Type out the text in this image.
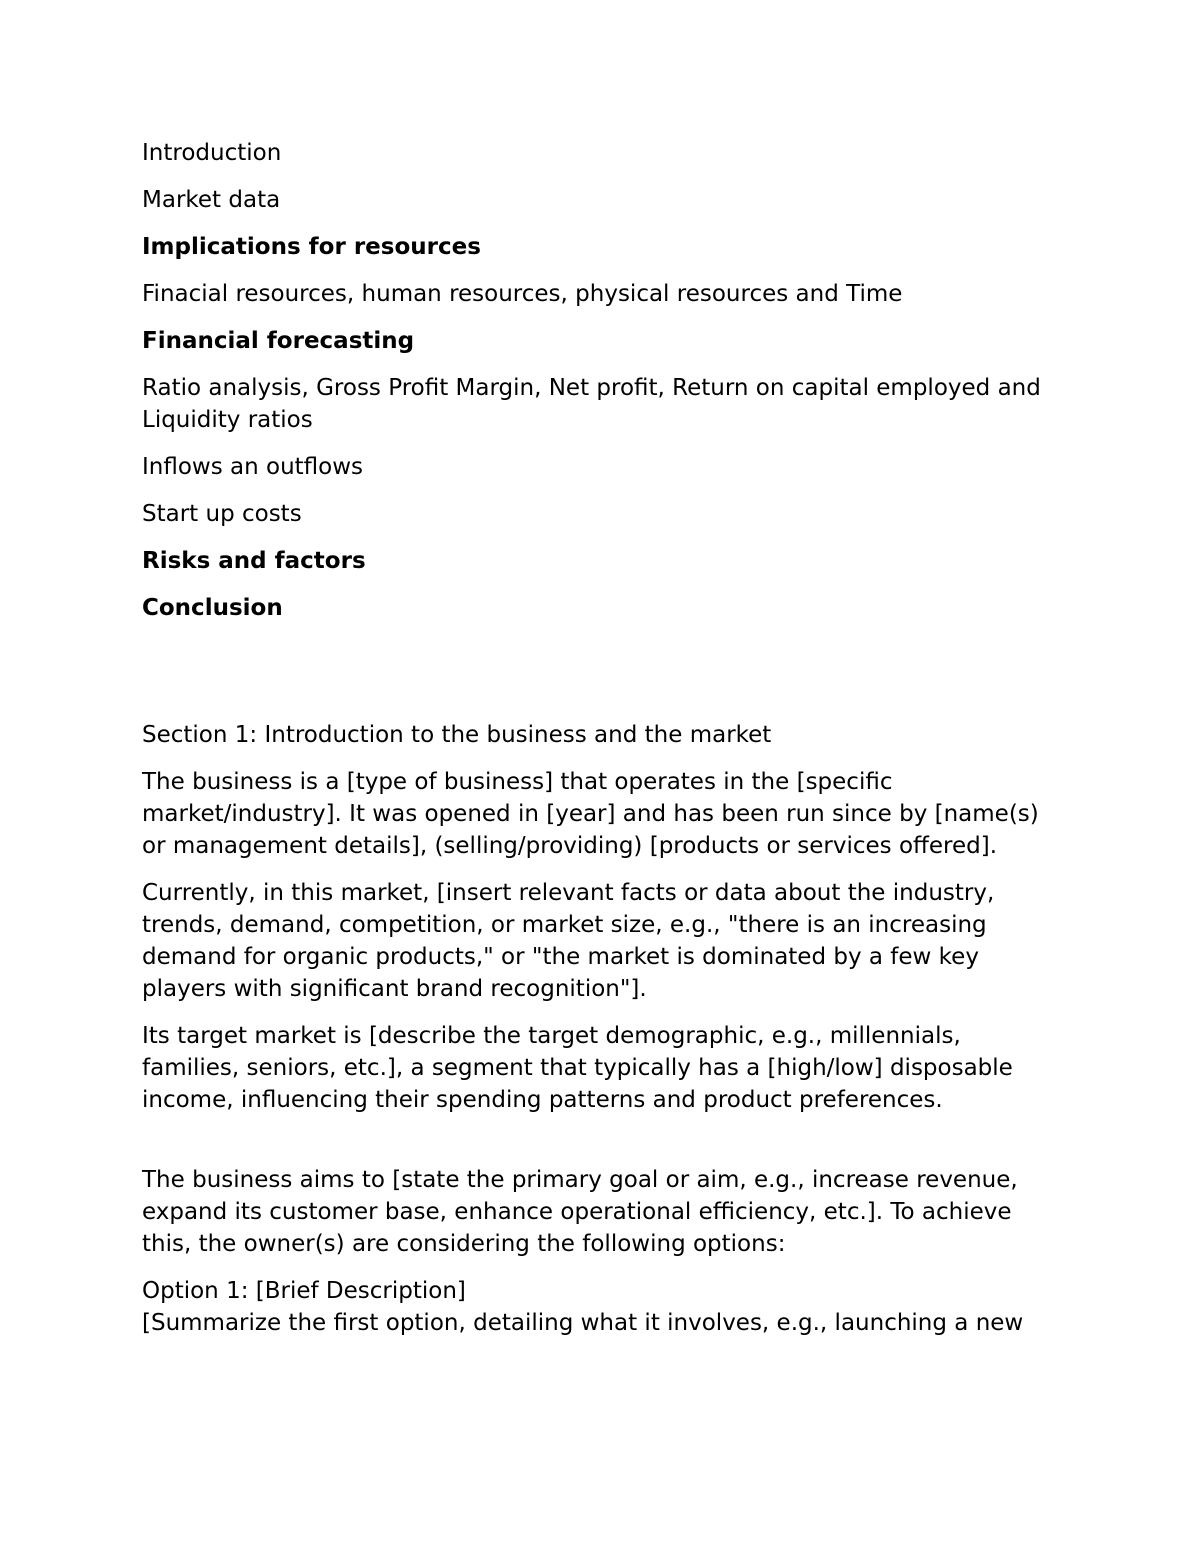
Introduction

Market data

Implications for resources

Finacial resources, human resources, physical resources and Time

Financial forecasting

Ratio analysis, Gross Profit Margin, Net profit, Return on capital employed and Liquidity ratios

Inflows an outflows

Start up costs

Risks and factors

Conclusion

Section 1: Introduction to the business and the market

The business is a [type of business] that operates in the [specific market/industry]. It was opened in [year] and has been run since by [name(s) or management details], (selling/providing) [products or services offered].

Currently, in this market, [insert relevant facts or data about the industry, trends, demand, competition, or market size, e.g., "there is an increasing demand for organic products," or "the market is dominated by a few key players with significant brand recognition"].

Its target market is [describe the target demographic, e.g., millennials, families, seniors, etc.], a segment that typically has a [high/low] disposable income, influencing their spending patterns and product preferences.

The business aims to [state the primary goal or aim, e.g., increase revenue, expand its customer base, enhance operational efficiency, etc.]. To achieve this, the owner(s) are considering the following options:

Option 1: [Brief Description]

[Summarize the first option, detailing what it involves, e.g., launching a new
